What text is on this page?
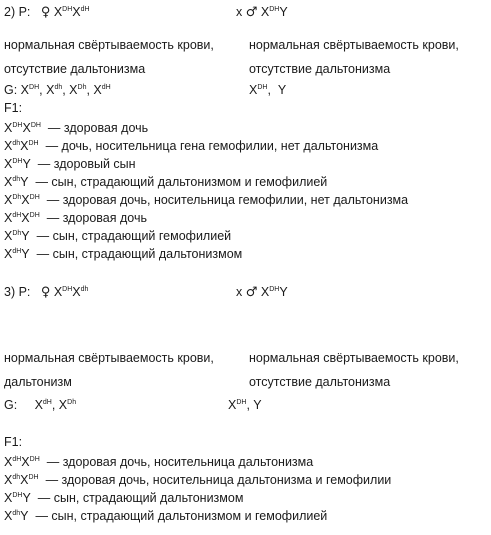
2) P: ♀ $X^{DH}X^{dH}$	x ♂ $X^{DH}Y$
нормальная свёртываемость крови,	нормальная свёртываемость крови,
отсутствие дальтонизма	отсутствие дальтонизма
G: $X^{DH}$, $X^{dh}$, $X^{Dh}$, $X^{dH}$	$X^{DH}$,  Y
F1:
$X^{DH}X^{DH}$ — здоровая дочь
$X^{dh}X^{DH}$ — дочь, носительница гена гемофилии, нет дальтонизма
$X^{DH}Y$ — здоровый сын
$X^{dh}Y$ — сын, страдающий дальтонизмом и гемофилией
$X^{Dh}X^{DH}$ — здоровая дочь, носительница гемофилии, нет дальтонизма
$X^{dH}X^{DH}$ — здоровая дочь
$X^{Dh}Y$ — сын, страдающий гемофилией
$X^{dH}Y$ — сын, страдающий дальтонизмом
3) P: ♀ $X^{DH}X^{dh}$	x ♂ $X^{DH}Y$
нормальная свёртываемость крови,	нормальная свёртываемость крови,
дальтонизм	отсутствие дальтонизма
G:     $X^{dH}$, $X^{Dh}$	$X^{DH}$, Y
F1:
$X^{dH}X^{DH}$ — здоровая дочь, носительница дальтонизма
$X^{dh}X^{DH}$ — здоровая дочь, носительница дальтонизма и гемофилии
$X^{DH}Y$ — сын, страдающий дальтонизмом
$X^{dh}Y$ — сын, страдающий дальтонизмом и гемофилией
